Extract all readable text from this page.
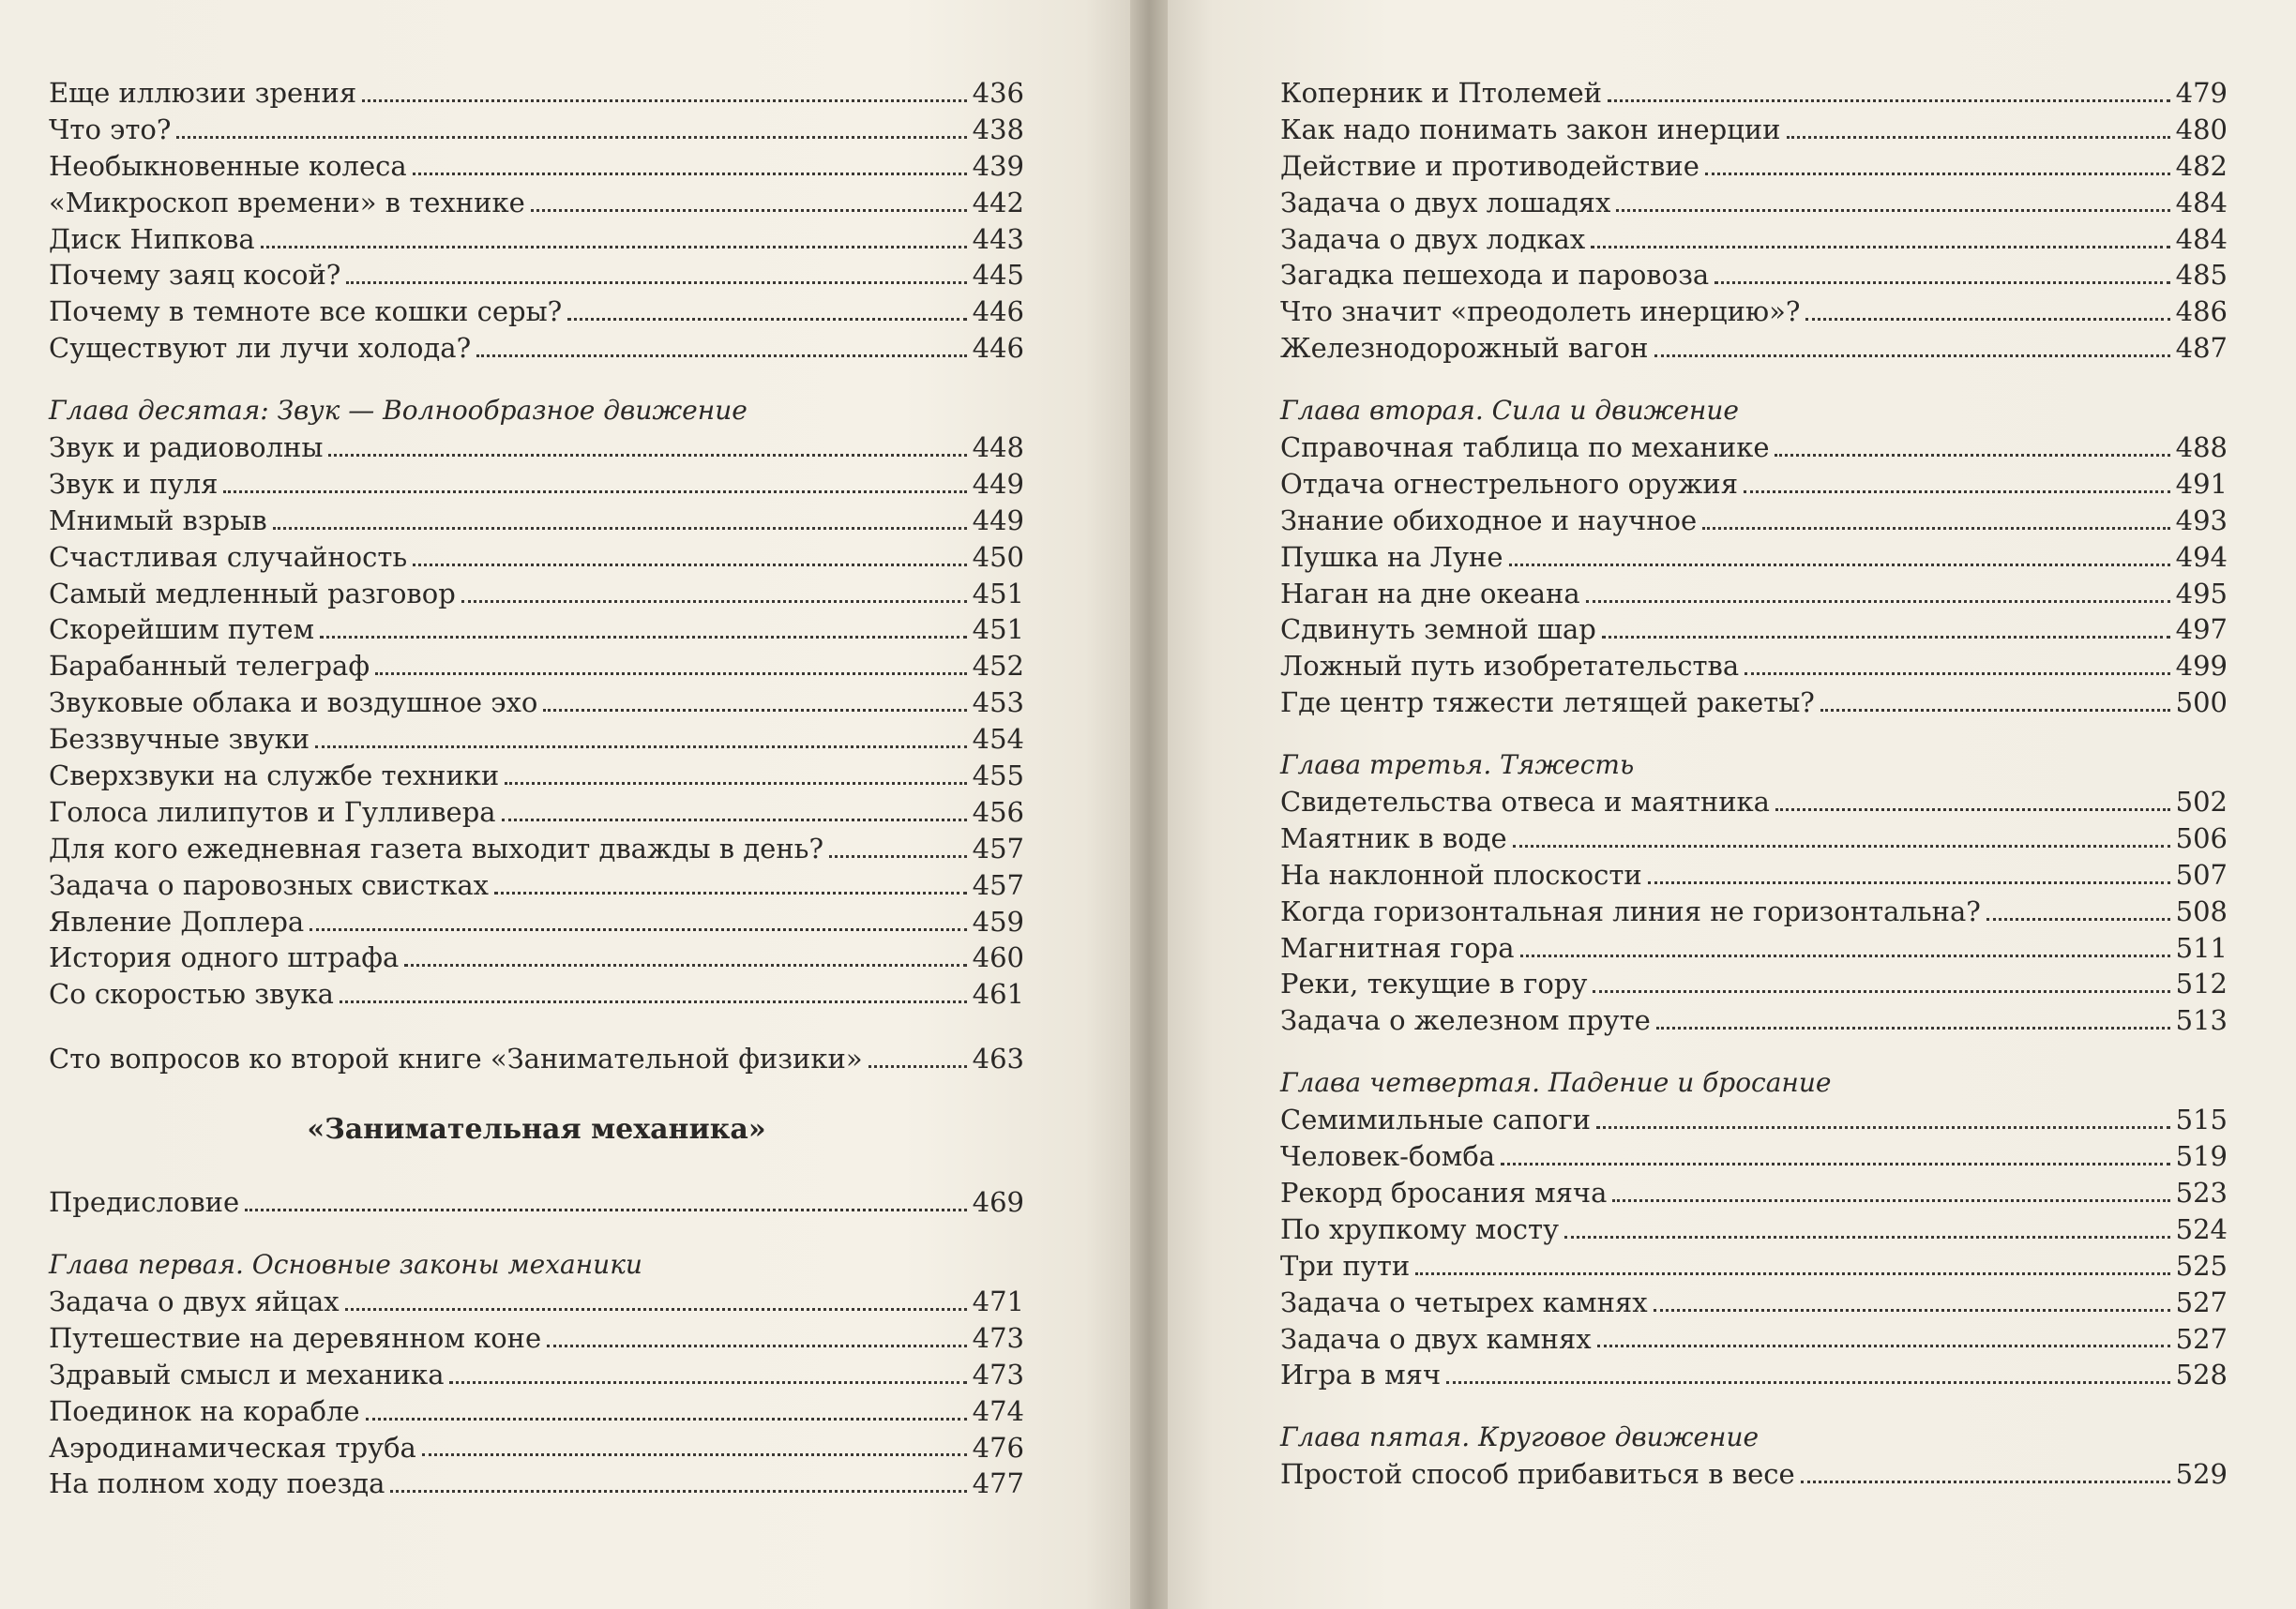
Еще иллюзии зрения	436
Что это?	438
Необыкновенные колеса	439
«Микроскоп времени» в технике	442
Диск Нипкова	443
Почему заяц косой?	445
Почему в темноте все кошки серы?	446
Существуют ли лучи холода?	446
Глава десятая: Звук — Волнообразное движение
Звук и радиоволны	448
Звук и пуля	449
Мнимый взрыв	449
Счастливая случайность	450
Самый медленный разговор	451
Скорейшим путем	451
Барабанный телеграф	452
Звуковые облака и воздушное эхо	453
Беззвучные звуки	454
Сверхзвуки на службе техники	455
Голоса лилипутов и Гулливера	456
Для кого ежедневная газета выходит дважды в день?	457
Задача о паровозных свистках	457
Явление Доплера	459
История одного штрафа	460
Со скоростью звука	461
Сто вопросов ко второй книге «Занимательной физики»	463
«Занимательная механика»
Предисловие	469
Глава первая. Основные законы механики
Задача о двух яйцах	471
Путешествие на деревянном коне	473
Здравый смысл и механика	473
Поединок на корабле	474
Аэродинамическая труба	476
На полном ходу поезда	477
Коперник и Птолемей	479
Как надо понимать закон инерции	480
Действие и противодействие	482
Задача о двух лошадях	484
Задача о двух лодках	484
Загадка пешехода и паровоза	485
Что значит «преодолеть инерцию»?	486
Железнодорожный вагон	487
Глава вторая. Сила и движение
Справочная таблица по механике	488
Отдача огнестрельного оружия	491
Знание обиходное и научное	493
Пушка на Луне	494
Наган на дне океана	495
Сдвинуть земной шар	497
Ложный путь изобретательства	499
Где центр тяжести летящей ракеты?	500
Глава третья. Тяжесть
Свидетельства отвеса и маятника	502
Маятник в воде	506
На наклонной плоскости	507
Когда горизонтальная линия не горизонтальна?	508
Магнитная гора	511
Реки, текущие в гору	512
Задача о железном пруте	513
Глава четвертая. Падение и бросание
Семимильные сапоги	515
Человек-бомба	519
Рекорд бросания мяча	523
По хрупкому мосту	524
Три пути	525
Задача о четырех камнях	527
Задача о двух камнях	527
Игра в мяч	528
Глава пятая. Круговое движение
Простой способ прибавиться в весе	529
